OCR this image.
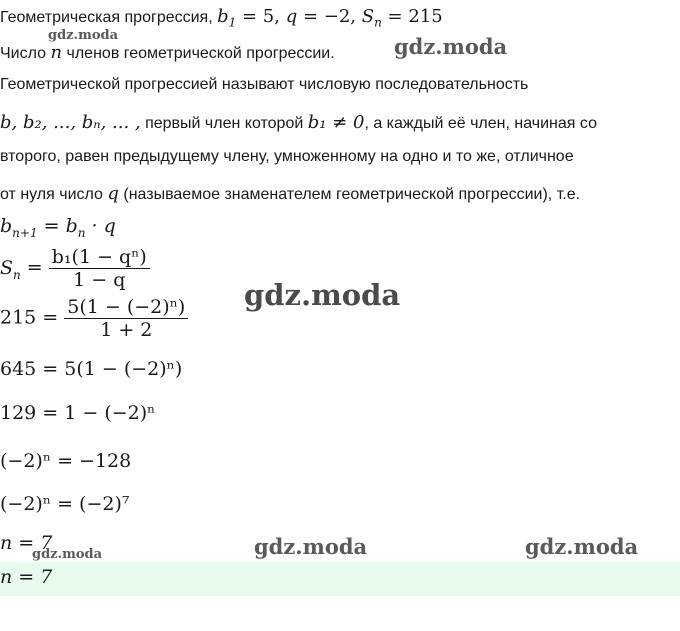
Геометрическая прогрессия, $b_1 = 5$, q = −2, $S_n = 215$
Число n членов геометрической прогрессии.
Геометрической прогрессией называют числовую последовательность
b, b₂, ..., bₙ, ... , первый член которой b₁ ≠ 0, а каждый её член, начиная со
второго, равен предыдущему члену, умноженному на одно и то же, отличное
от нуля число q (называемое знаменателем геометрической прогрессии), т.е.
$b_{n+1} = b_n \cdot q$
$S_n = \frac{\text{b₁(1 − qⁿ)}}{1 - q}$
$215 = \frac{\text{5(1 − (−2)ⁿ)}}{1 + 2}$
645 = 5(1 − (−2)ⁿ)
129 = 1 − (−2)ⁿ
(−2)ⁿ = −128
(−2)ⁿ = (−2)⁷
n = 7
n = 7
gdz.moda	gdz.moda
gdz.moda
gdz.moda	gdz.moda	gdz.moda
